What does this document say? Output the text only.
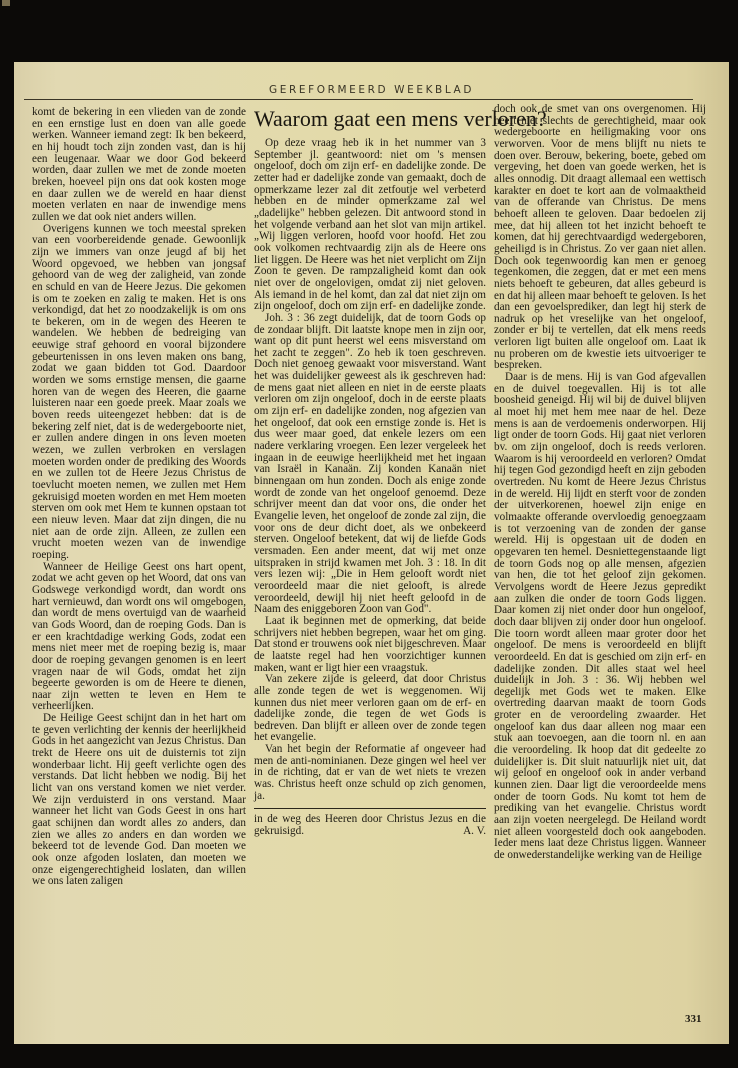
GEREFORMEERD WEEKBLAD

komt de bekering in een vlieden van de zonde en een ernstige lust en doen van alle goede werken. Wanneer iemand zegt: Ik ben bekeerd, en hij houdt toch zijn zonden vast, dan is hij een leugenaar. Waar we door God bekeerd worden, daar zullen we met de zonde moeten breken, hoeveel pijn ons dat ook kosten moge en daar zullen we de wereld en haar dienst moeten verlaten en naar de inwendige mens zullen we dat ook niet anders willen.

Overigens kunnen we toch meestal spreken van een voorbereidende genade. Gewoonlijk zijn we immers van onze jeugd af bij het Woord opgevoed, we hebben van jongsaf gehoord van de weg der zaligheid, van zonde en schuld en van de Heere Jezus. Die gekomen is om te zoeken en zalig te maken. Het is ons verkondigd, dat het zo noodzakelijk is om ons te bekeren, om in de wegen des Heeren te wandelen. We hebben de bedreiging van eeuwige straf gehoord en vooral bijzondere gebeurtenissen in ons leven maken ons bang, zodat we gaan bidden tot God. Daardoor worden we soms ernstige mensen, die gaarne horen van de wegen des Heeren, die gaarne luisteren naar een goede preek. Maar zoals we boven reeds uiteengezet hebben: dat is de bekering zelf niet, dat is de wedergeboorte niet, er zullen andere dingen in ons leven moeten wezen, we zullen verbroken en verslagen moeten worden onder de prediking des Woords en we zullen tot de Heere Jezus Christus de toevlucht moeten nemen, we zullen met Hem gekruisigd moeten worden en met Hem moeten sterven om ook met Hem te kunnen opstaan tot een nieuw leven. Maar dat zijn dingen, die nu niet aan de orde zijn. Alleen, ze zullen een vrucht moeten wezen van de inwendige roeping.

Wanneer de Heilige Geest ons hart opent, zodat we acht geven op het Woord, dat ons van Godswege verkondigd wordt, dan wordt ons hart vernieuwd, dan wordt ons wil omgebogen, dan wordt de mens overtuigd van de waarheid van Gods Woord, dan de roeping Gods. Dan is er een krachtdadige werking Gods, zodat een mens niet meer met de roeping bezig is, maar door de roeping gevangen genomen is en leert vragen naar de wil Gods, omdat het zijn begeerte geworden is om de Heere te dienen, naar zijn wetten te leven en Hem te verheerlijken.

De Heilige Geest schijnt dan in het hart om te geven verlichting der kennis der heerlijkheid Gods in het aangezicht van Jezus Christus. Dan trekt de Heere ons uit de duisternis tot zijn wonderbaar licht. Hij geeft verlichte ogen des verstands. Dat licht hebben we nodig. Bij het licht van ons verstand komen we niet verder. We zijn verduisterd in ons verstand. Maar wanneer het licht van Gods Geest in ons hart gaat schijnen dan wordt alles zo anders, dan zien we alles zo anders en dan worden we bekeerd tot de levende God. Dan moeten we ook onze afgoden loslaten, dan moeten we onze eigengerechtigheid loslaten, dan willen we ons laten zaligen

Waarom gaat een mens verloren?

Op deze vraag heb ik in het nummer van 3 September jl. geantwoord: niet om 's mensen ongeloof, doch om zijn erf- en dadelijke zonde. De zetter had er dadelijke zonde van gemaakt, doch de opmerkzame lezer zal dit zetfoutje wel verbeterd hebben en de minder opmerkzame zal wel „dadelijke" hebben gelezen. Dit antwoord stond in het volgende verband aan het slot van mijn artikel. „Wij liggen verloren, hoofd voor hoofd. Het zou ook volkomen rechtvaardig zijn als de Heere ons liet liggen. De Heere was het niet verplicht om Zijn Zoon te geven. De rampzaligheid komt dan ook niet over de ongelovigen, omdat zij niet geloven. Als iemand in de hel komt, dan zal dat niet zijn om zijn ongeloof, doch om zijn erf- en dadelijke zonde.

Joh. 3 : 36 zegt duidelijk, dat de toorn Gods op de zondaar blijft. Dit laatste knope men in zijn oor, want op dit punt heerst wel eens misverstand om het zacht te zeggen". Zo heb ik toen geschreven. Doch niet genoeg gewaakt voor misverstand. Want het was duidelijker geweest als ik geschreven had: de mens gaat niet alleen en niet in de eerste plaats verloren om zijn ongeloof, doch in de eerste plaats om zijn erf- en dadelijke zonden, nog afgezien van het ongeloof, dat ook een ernstige zonde is. Het is dus weer maar goed, dat enkele lezers om een nadere verklaring vroegen. Een lezer vergeleek het ingaan in de eeuwige heerlijkheid met het ingaan van Israël in Kanaän. Zij konden Kanaän niet binnengaan om hun zonden. Doch als enige zonde wordt de zonde van het ongeloof genoemd. Deze schrijver meent dan dat voor ons, die onder het Evangelie leven, het ongeloof de zonde zal zijn, die voor ons de deur dicht doet, als we onbekeerd sterven. Ongeloof betekent, dat wij de liefde Gods versmaden. Een ander meent, dat wij met onze uitspraken in strijd kwamen met Joh. 3 : 18. In dit vers lezen wij: „Die in Hem gelooft wordt niet veroordeeld maar die niet gelooft, is alrede veroordeeld, dewijl hij niet heeft geloofd in de Naam des eniggeboren Zoon van God".

Laat ik beginnen met de opmerking, dat beide schrijvers niet hebben begrepen, waar het om ging. Dat stond er trouwens ook niet bijgeschreven. Maar de laatste regel had hen voorzichtiger kunnen maken, want er ligt hier een vraagstuk.

Van zekere zijde is geleerd, dat door Christus alle zonde tegen de wet is weggenomen. Wij kunnen dus niet meer verloren gaan om de erf- en dadelijke zonde, die tegen de wet Gods is bedreven. Dan blijft er alleen over de zonde tegen het evangelie.

Van het begin der Reformatie af ongeveer had men de anti-nominianen. Deze gingen wel heel ver in de richting, dat er van de wet niets te vrezen was. Christus heeft onze schuld op zich genomen, ja.

in de weg des Heeren door Christus Jezus en die gekruisigd.	A. V.

doch ook de smet van ons overgenomen. Hij heeft niet slechts de gerechtigheid, maar ook wedergeboorte en heiligmaking voor ons verworven. Voor de mens blijft nu niets te doen over. Berouw, bekering, boete, gebed om vergeving, het doen van goede werken, het is alles onnodig. Dit draagt allemaal een wettisch karakter en doet te kort aan de volmaaktheid van de offerande van Christus. De mens behoeft alleen te geloven. Daar bedoelen zij mee, dat hij alleen tot het inzicht behoeft te komen, dat hij gerechtvaardigd wedergeboren, geheiligd is in Christus. Zo ver gaan niet allen. Doch ook tegenwoordig kan men er genoeg tegenkomen, die zeggen, dat er met een mens niets behoeft te gebeuren, dat alles gebeurd is en dat hij alleen maar behoeft te geloven. Is het dan een gevoelsprediker, dan legt hij sterk de nadruk op het vreselijke van het ongeloof, zonder er bij te vertellen, dat elk mens reeds verloren ligt buiten alle ongeloof om. Laat ik nu proberen om de kwestie iets uitvoeriger te bespreken.

Daar is de mens. Hij is van God afgevallen en de duivel toegevallen. Hij is tot alle boosheid geneigd. Hij wil bij de duivel blijven al moet hij met hem mee naar de hel. Deze mens is aan de verdoemenis onderworpen. Hij ligt onder de toorn Gods. Hij gaat niet verloren bv. om zijn ongeloof, doch is reeds verloren. Waarom is hij veroordeeld en verloren? Omdat hij tegen God gezondigd heeft en zijn geboden overtreden. Nu komt de Heere Jezus Christus in de wereld. Hij lijdt en sterft voor de zonden der uitverkorenen, hoewel zijn enige en volmaakte offerande overvloedig genoegzaam is tot verzoening van de zonden der ganse wereld. Hij is opgestaan uit de doden en opgevaren ten hemel. Desniettegenstaande ligt de toorn Gods nog op alle mensen, afgezien van hen, die tot het geloof zijn gekomen. Vervolgens wordt de Heere Jezus gepredikt aan zulken die onder de toorn Gods liggen. Daar komen zij niet onder door hun ongeloof, doch daar blijven zij onder door hun ongeloof. Die toorn wordt alleen maar groter door het ongeloof. De mens is veroordeeld en blijft veroordeeld. En dat is geschied om zijn erf- en dadelijke zonden. Dit alles staat wel heel duidelijk in Joh. 3 : 36. Wij hebben wel degelijk met Gods wet te maken. Elke overtreding daarvan maakt de toorn Gods groter en de veroordeling zwaarder. Het ongeloof kan dus daar alleen nog maar een stuk aan toevoegen, aan die toorn nl. en aan die veroordeling. Ik hoop dat dit gedeelte zo duidelijker is. Dit sluit natuurlijk niet uit, dat wij geloof en ongeloof ook in ander verband kunnen zien. Daar ligt die veroordeelde mens onder de toorn Gods. Nu komt tot hem de prediking van het evangelie. Christus wordt aan zijn voeten neergelegd. De Heiland wordt niet alleen voorgesteld doch ook aangeboden. Ieder mens laat deze Christus liggen. Wanneer de onwederstandelijke werking van de Heilige

331
